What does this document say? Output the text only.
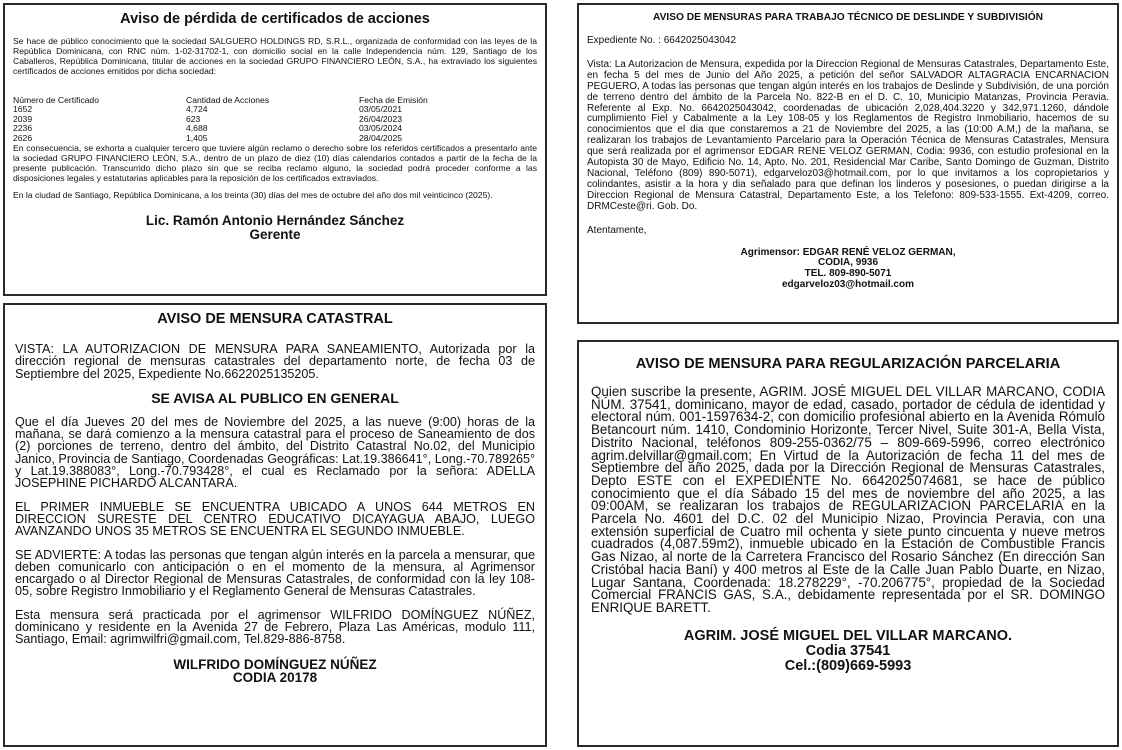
Aviso de pérdida de certificados de acciones

Se hace de público conocimiento que la sociedad SALGUERO HOLDINGS RD, S.R.L., organizada de conformidad con las leyes de la República Dominicana, con RNC núm. 1-02-31702-1, con domicilio social en la calle Independencia núm. 129, Santiago de los Caballeros, República Dominicana, titular de acciones en la sociedad GRUPO FINANCIERO LEÓN, S.A., ha extraviado los siguientes certificados de acciones emitidos por dicha sociedad:

Número de Certificado	Cantidad de Acciones	Fecha de Emisión
1652	4,724	03/05/2021
2039	623	26/04/2023
2236	4,688	03/05/2024
2626	1,405	28/04/2025

En consecuencia, se exhorta a cualquier tercero que tuviere algún reclamo o derecho sobre los referidos certificados a presentarlo ante la sociedad GRUPO FINANCIERO LEÓN, S.A., dentro de un plazo de diez (10) días calendarios contados a partir de la fecha de la presente publicación. Transcurrido dicho plazo sin que se reciba reclamo alguno, la sociedad podrá proceder conforme a las disposiciones legales y estatutarias aplicables para la reposición de los certificados extraviados.

En la ciudad de Santiago, República Dominicana, a los treinta (30) días del mes de octubre del año dos mil veinticinco (2025).

Lic. Ramón Antonio Hernández Sánchez
Gerente
AVISO DE MENSURA CATASTRAL

VISTA: LA AUTORIZACION DE MENSURA PARA SANEAMIENTO, Autorizada por la dirección regional de mensuras catastrales del departamento norte, de fecha 03 de Septiembre del 2025, Expediente No.6622025135205.

SE AVISA AL PUBLICO EN GENERAL

Que el día Jueves 20 del mes de Noviembre del 2025, a las nueve (9:00) horas de la mañana, se dará comienzo a la mensura catastral para el proceso de Saneamiento de dos (2) porciones de terreno, dentro del ámbito, del Distrito Catastral No.02, del Municipio Janico, Provincia de Santiago, Coordenadas Geográficas: Lat.19.386641°, Long.-70.789265° y Lat.19.388083°, Long.-70.793428°, el cual es Reclamado por la señora: ADELLA JOSEPHINE PICHARDO ALCANTARA.

EL PRIMER INMUEBLE SE ENCUENTRA UBICADO A UNOS 644 METROS EN DIRECCION SURESTE DEL CENTRO EDUCATIVO DICAYAGUA ABAJO, LUEGO AVANZANDO UNOS 35 METROS SE ENCUENTRA EL SEGUNDO INMUEBLE.

SE ADVIERTE: A todas las personas que tengan algún interés en la parcela a mensurar, que deben comunicarlo con anticipación o en el momento de la mensura, al Agrimensor encargado o al Director Regional de Mensuras Catastrales, de conformidad con la ley 108-05, sobre Registro Inmobiliario y el Reglamento General de Mensuras Catastrales.

Esta mensura será practicada por el agrimensor WILFRIDO DOMÍNGUEZ NÚÑEZ, dominicano y residente en la Avenida 27 de Febrero, Plaza Las Américas, modulo 111, Santiago, Email: agrimwilfri@gmail.com, Tel.829-886-8758.

WILFRIDO DOMÍNGUEZ NÚÑEZ
CODIA 20178
AVISO DE MENSURAS PARA TRABAJO TÉCNICO DE DESLINDE Y SUBDIVISIÓN

Expediente No. : 6642025043042

Vista: La Autorizacion de Mensura, expedida por la Direccion Regional de Mensuras Catastrales, Departamento Este, en fecha 5 del mes de Junio del Año 2025, a petición del señor SALVADOR ALTAGRACIA ENCARNACION PEGUERO, A todas las personas que tengan algún interés en los trabajos de Deslinde y Subdivisión, de una porción de terreno dentro del ámbito de la Parcela No. 822-B en el D. C. 10, Municipio Matanzas, Provincia Peravia. Referente al Exp. No. 6642025043042, coordenadas de ubicación 2,028,404.3220 y 342,971.1260, dándole cumplimiento Fiel y Cabalmente a la Ley 108-05 y los Reglamentos de Registro Inmobiliario, hacemos de su conocimientos que el dia que constaremos a 21 de Noviembre del 2025, a las (10:00 A.M,) de la mañana, se realizaran los trabajos de Levantamiento Parcelario para la Operación Técnica de Mensuras Catastrales, Mensura que será realizada por el agrimensor EDGAR RENE VELOZ GERMAN, Codia: 9936, con estudio profesional en la Autopista 30 de Mayo, Edificio No. 14, Apto. No. 201, Residencial Mar Caribe, Santo Domingo de Guzman, Distrito Nacional, Teléfono (809) 890-5071), edgarveloz03@hotmail.com, por lo que invitamos a los copropietarios y colindantes, asistir a la hora y dia señalado para que definan los linderos y posesiones, o puedan dirigirse a la Direccion Regional de Mensura Catastral, Departamento Este, a los Telefono: 809-533-1555. Ext-4209, correo. DRMCeste@ri. Gob. Do.

Atentamente,

Agrimensor: EDGAR RENÉ VELOZ GERMAN,
CODIA, 9936
TEL. 809-890-5071
edgarveloz03@hotmail.com
AVISO DE MENSURA PARA REGULARIZACIÓN PARCELARIA

Quien suscribe la presente, AGRIM. JOSÉ MIGUEL DEL VILLAR MARCANO, CODIA NÚM. 37541, dominicano, mayor de edad, casado, portador de cédula de identidad y electoral núm. 001-1597634-2, con domicilio profesional abierto en la Avenida Rómulo Betancourt núm. 1410, Condominio Horizonte, Tercer Nivel, Suite 301-A, Bella Vista, Distrito Nacional, teléfonos 809-255-0362/75 – 809-669-5996, correo electrónico agrim.delvillar@gmail.com; En Virtud de la Autorización de fecha 11 del mes de Septiembre del año 2025, dada por la Dirección Regional de Mensuras Catastrales, Depto ESTE con el EXPEDIENTE No. 6642025074681, se hace de público conocimiento que el día Sábado 15 del mes de noviembre del año 2025, a las 09:00AM, se realizaran los trabajos de REGULARIZACION PARCELARIA en la Parcela No. 4601 del D.C. 02 del Municipio Nizao, Provincia Peravia, con una extensión superficial de Cuatro mil ochenta y siete punto cincuenta y nueve metros cuadrados (4,087.59m2), inmueble ubicado en la Estación de Combustible Francis Gas Nizao, al norte de la Carretera Francisco del Rosario Sánchez (En dirección San Cristóbal hacia Baní) y 400 metros al Este de la Calle Juan Pablo Duarte, en Nizao, Lugar Santana, Coordenada: 18.278229°, -70.206775°, propiedad de la Sociedad Comercial FRANCIS GAS, S.A., debidamente representada por el SR. DOMINGO ENRIQUE BARETT.

AGRIM. JOSÉ MIGUEL DEL VILLAR MARCANO.
Codia 37541
Cel.:(809)669-5993
